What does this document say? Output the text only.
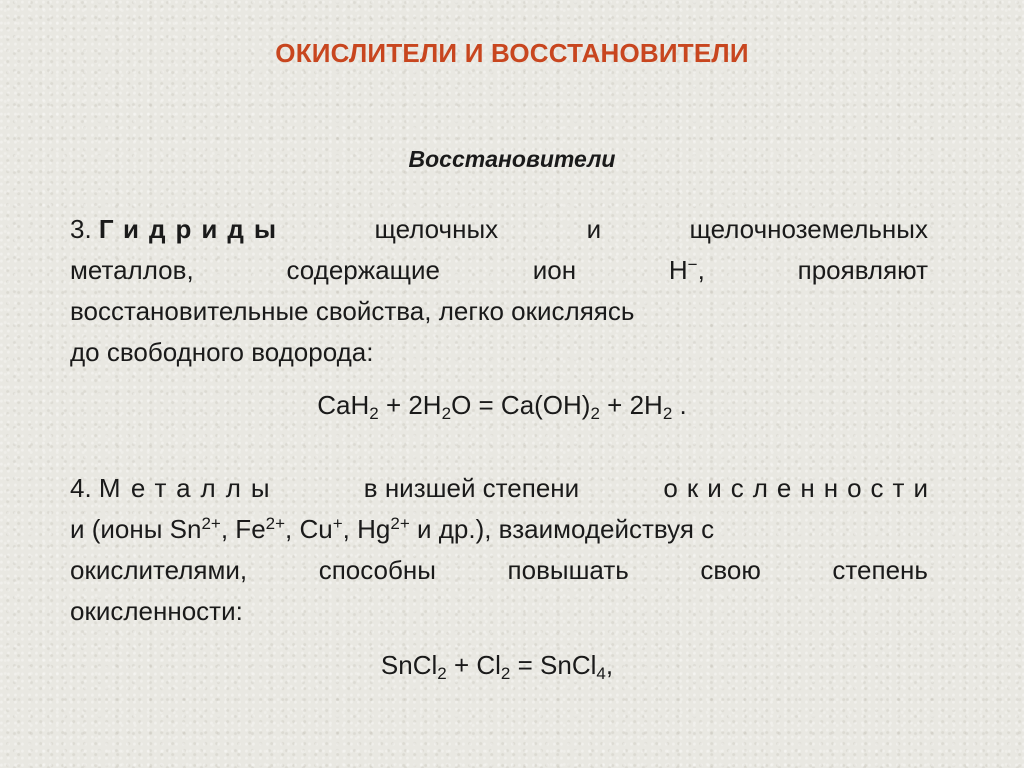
ОКИСЛИТЕЛИ И ВОССТАНОВИТЕЛИ
Восстановители
3. Гидриды	щелочных	и	щелочноземельных
металлов,	содержащие	ион	H−,	проявляют
восстановительные свойства, легко окисляясь
до свободного водорода:
$CaH_2 + 2H_2O = Ca(OH)_2 + 2H_2$ .
4. Металлы	в низшей степени	окисленности
и (ионы $Sn^{2+}$, $Fe^{2+}$, Cu+, $Hg^{2+}$ и др.), взаимодействуя с
окислителями,	способны	повышать	свою	степень
окисленности:
SnCl$_2$ + $Cl_2$ = SnCl$_4$,
